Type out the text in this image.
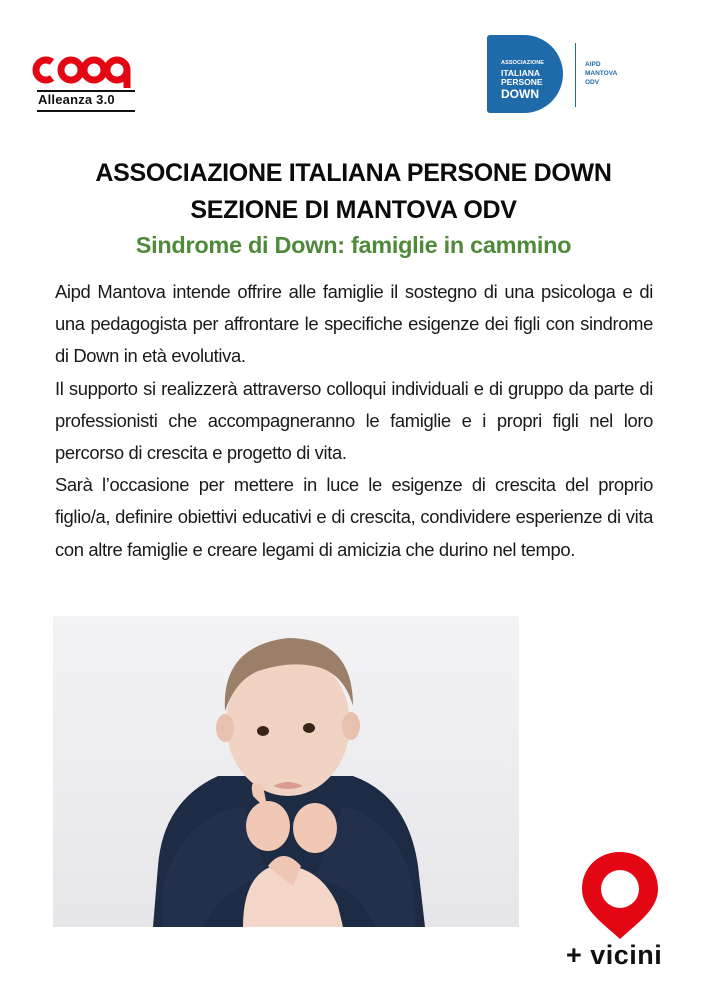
Alleanza 3.0
ASSOCIAZIONE
ITALIANA
PERSONE
DOWN
AIPD
MANTOVA
ODV
ASSOCIAZIONE ITALIANA PERSONE DOWN
SEZIONE DI MANTOVA ODV
Sindrome di Down: famiglie in cammino

Aipd Mantova intende offrire alle famiglie il sostegno di una psicologa e di una pedagogista per affrontare le specifiche esigenze dei figli con sindrome di Down in età evolutiva.

Il supporto si realizzerà attraverso colloqui individuali e di gruppo da parte di professionisti che accompagneranno le famiglie e i propri figli nel loro percorso di crescita e progetto di vita.

Sarà l’occasione per mettere in luce le esigenze di crescita del proprio figlio/a, definire obiettivi educativi e di crescita, condividere esperienze di vita con altre famiglie e creare legami di amicizia che durino nel tempo.

+ vicini
